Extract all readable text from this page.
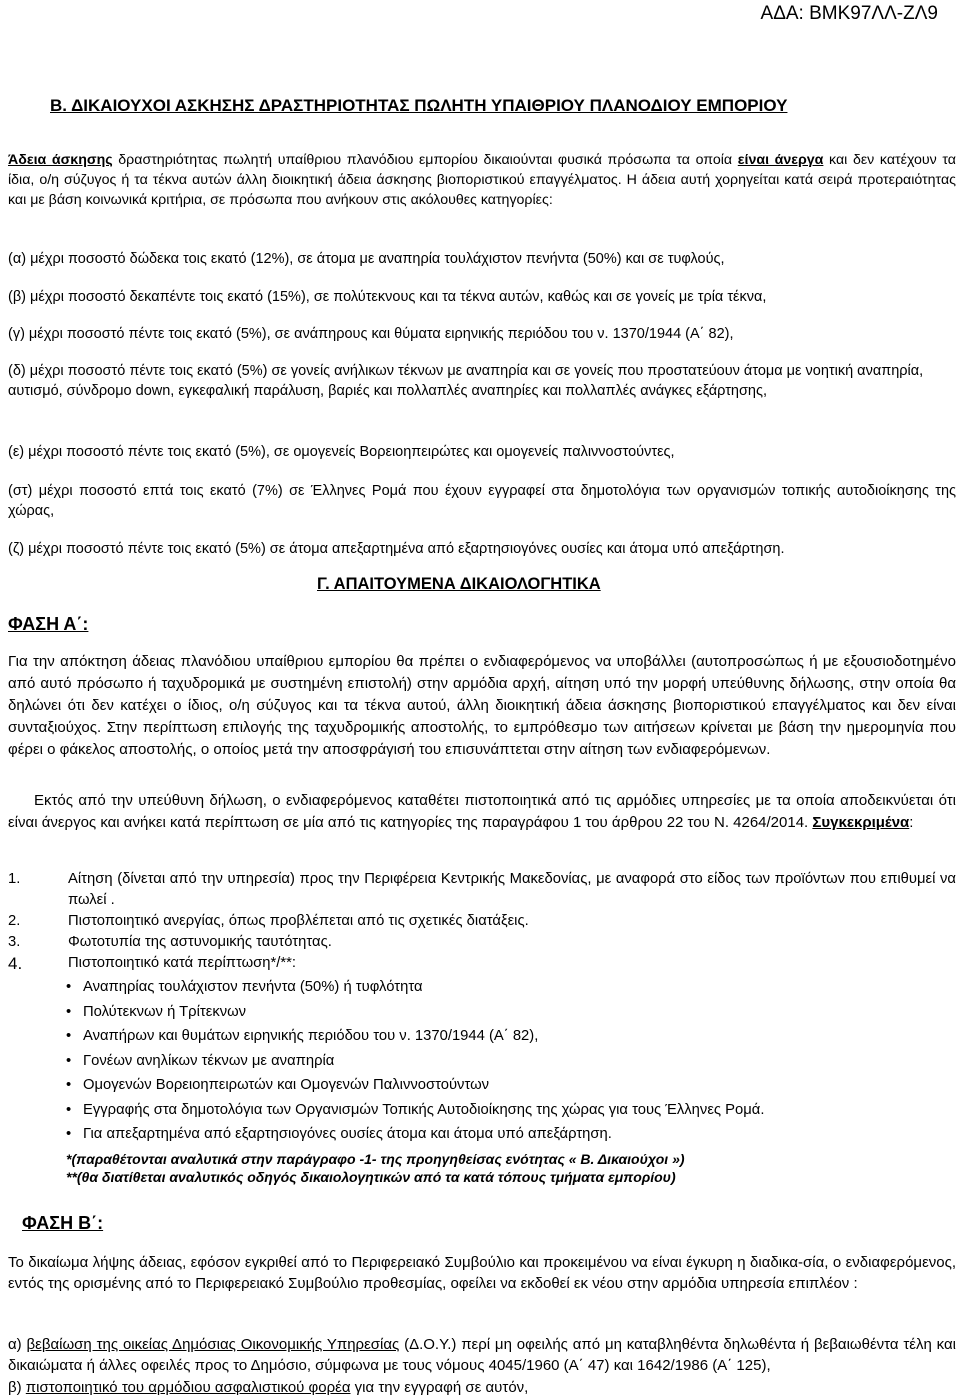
ΑΔΑ: ΒΜΚ97ΛΛ-ΖΛ9
Β. ΔΙΚΑΙΟΥΧΟΙ ΑΣΚΗΣΗΣ ΔΡΑΣΤΗΡΙΟΤΗΤΑΣ ΠΩΛΗΤΗ ΥΠΑΙΘΡΙΟΥ ΠΛΑΝΟΔΙΟΥ ΕΜΠΟΡΙΟΥ
Άδεια άσκησης δραστηριότητας πωλητή υπαίθριου πλανόδιου εμπορίου δικαιούνται φυσικά πρόσωπα τα οποία είναι άνεργα και δεν κατέχουν τα ίδια, ο/η σύζυγος ή τα τέκνα αυτών άλλη διοικητική άδεια άσκησης βιοποριστικού επαγγέλματος. Η άδεια αυτή χορηγείται κατά σειρά προτεραιότητας και με βάση κοινωνικά κριτήρια, σε πρόσωπα που ανήκουν στις ακόλουθες κατηγορίες:
(α) μέχρι ποσοστό δώδεκα τοις εκατό (12%), σε άτομα με αναπηρία τουλάχιστον πενήντα (50%) και σε τυφλούς,
(β) μέχρι ποσοστό δεκαπέντε τοις εκατό (15%), σε πολύτεκνους και τα τέκνα αυτών, καθώς και σε γονείς με τρία τέκνα,
(γ) μέχρι ποσοστό πέντε τοις εκατό (5%), σε ανάπηρους και θύματα ειρηνικής περιόδου του ν. 1370/1944 (Α΄ 82),
(δ) μέχρι ποσοστό πέντε τοις εκατό (5%) σε γονείς ανήλικων τέκνων με αναπηρία και σε γονείς που προστατεύουν άτομα με νοητική αναπηρία, αυτισμό, σύνδρομο down, εγκεφαλική παράλυση, βαριές και πολλαπλές αναπηρίες και πολλαπλές ανάγκες εξάρτησης,
(ε) μέχρι ποσοστό πέντε τοις εκατό (5%), σε ομογενείς Βορειοηπειρώτες και ομογενείς παλιννοστούντες,
(στ) μέχρι ποσοστό επτά τοις εκατό (7%) σε Έλληνες Ρομά που έχουν εγγραφεί στα δημοτολόγια των οργανισμών τοπικής αυτοδιοίκησης της χώρας,
(ζ) μέχρι ποσοστό πέντε τοις εκατό (5%) σε άτομα απεξαρτημένα από εξαρτησιογόνες ουσίες και άτομα υπό απεξάρτηση.
Γ. ΑΠΑΙΤΟΥΜΕΝΑ ΔΙΚΑΙΟΛΟΓΗΤΙΚΑ
ΦΑΣΗ Α΄:
Για την απόκτηση άδειας πλανόδιου υπαίθριου εμπορίου θα πρέπει ο ενδιαφερόμενος να υποβάλλει (αυτοπροσώπως ή με εξουσιοδοτημένο από αυτό πρόσωπο ή ταχυδρομικά με συστημένη επιστολή) στην αρμόδια αρχή, αίτηση υπό την μορφή υπεύθυνης δήλωσης, στην οποία θα δηλώνει ότι δεν κατέχει ο ίδιος, ο/η σύζυγος και τα τέκνα αυτού, άλλη διοικητική άδεια άσκησης βιοποριστικού επαγγέλματος και δεν είναι συνταξιούχος. Στην περίπτωση επιλογής της ταχυδρομικής αποστολής, το εμπρόθεσμο των αιτήσεων κρίνεται με βάση την ημερομηνία που φέρει ο φάκελος αποστολής, ο οποίος μετά την αποσφράγισή του επισυνάπτεται στην αίτηση των ενδιαφερόμενων.
Εκτός από την υπεύθυνη δήλωση, ο ενδιαφερόμενος καταθέτει πιστοποιητικά από τις αρμόδιες υπηρεσίες με τα οποία αποδεικνύεται ότι είναι άνεργος και ανήκει κατά περίπτωση σε μία από τις κατηγορίες της παραγράφου 1 του άρθρου 22 του Ν. 4264/2014. Συγκεκριμένα:
1.	Αίτηση (δίνεται από την υπηρεσία) προς την Περιφέρεια Κεντρικής Μακεδονίας, με αναφορά στο είδος των προϊόντων που επιθυμεί να πωλεί .
2.	Πιστοποιητικό ανεργίας, όπως προβλέπεται από τις σχετικές διατάξεις.
3.	Φωτοτυπία της αστυνομικής ταυτότητας.
4.	Πιστοποιητικό κατά περίπτωση*/**:
• Αναπηρίας τουλάχιστον πενήντα (50%) ή τυφλότητα
• Πολύτεκνων ή Τρίτεκνων
• Αναπήρων και θυμάτων ειρηνικής περιόδου του ν. 1370/1944 (Α΄ 82),
• Γονέων ανηλίκων τέκνων με αναπηρία
• Ομογενών Βορειοηπειρωτών και Ομογενών Παλιννοστούντων
• Εγγραφής στα δημοτολόγια των Οργανισμών Τοπικής Αυτοδιοίκησης της χώρας για τους Έλληνες Ρομά.
• Για απεξαρτημένα από εξαρτησιογόνες ουσίες άτομα και άτομα υπό απεξάρτηση.
*(παραθέτονται αναλυτικά στην παράγραφο -1- της προηγηθείσας ενότητας « Β. Δικαιούχοι »)
**(θα διατίθεται αναλυτικός οδηγός δικαιολογητικών από τα κατά τόπους τμήματα εμπορίου)
ΦΑΣΗ Β΄:
Το δικαίωμα λήψης άδειας, εφόσον εγκριθεί από το Περιφερειακό Συμβούλιο και προκειμένου να είναι έγκυρη η διαδικα-σία, ο ενδιαφερόμενος, εντός της ορισμένης από το Περιφερειακό Συμβούλιο προθεσμίας, οφείλει να εκδοθεί εκ νέου στην αρμόδια υπηρεσία επιπλέον :
α) βεβαίωση της οικείας Δημόσιας Οικονομικής Υπηρεσίας (Δ.Ο.Υ.) περί μη οφειλής από μη καταβληθέντα δηλωθέντα ή βεβαιωθέντα τέλη και δικαιώματα ή άλλες οφειλές προς το Δημόσιο, σύμφωνα με τους νόμους 4045/1960 (Α΄ 47) και 1642/1986 (Α΄ 125),
β) πιστοποιητικό του αρμόδιου ασφαλιστικού φορέα για την εγγραφή σε αυτόν,
